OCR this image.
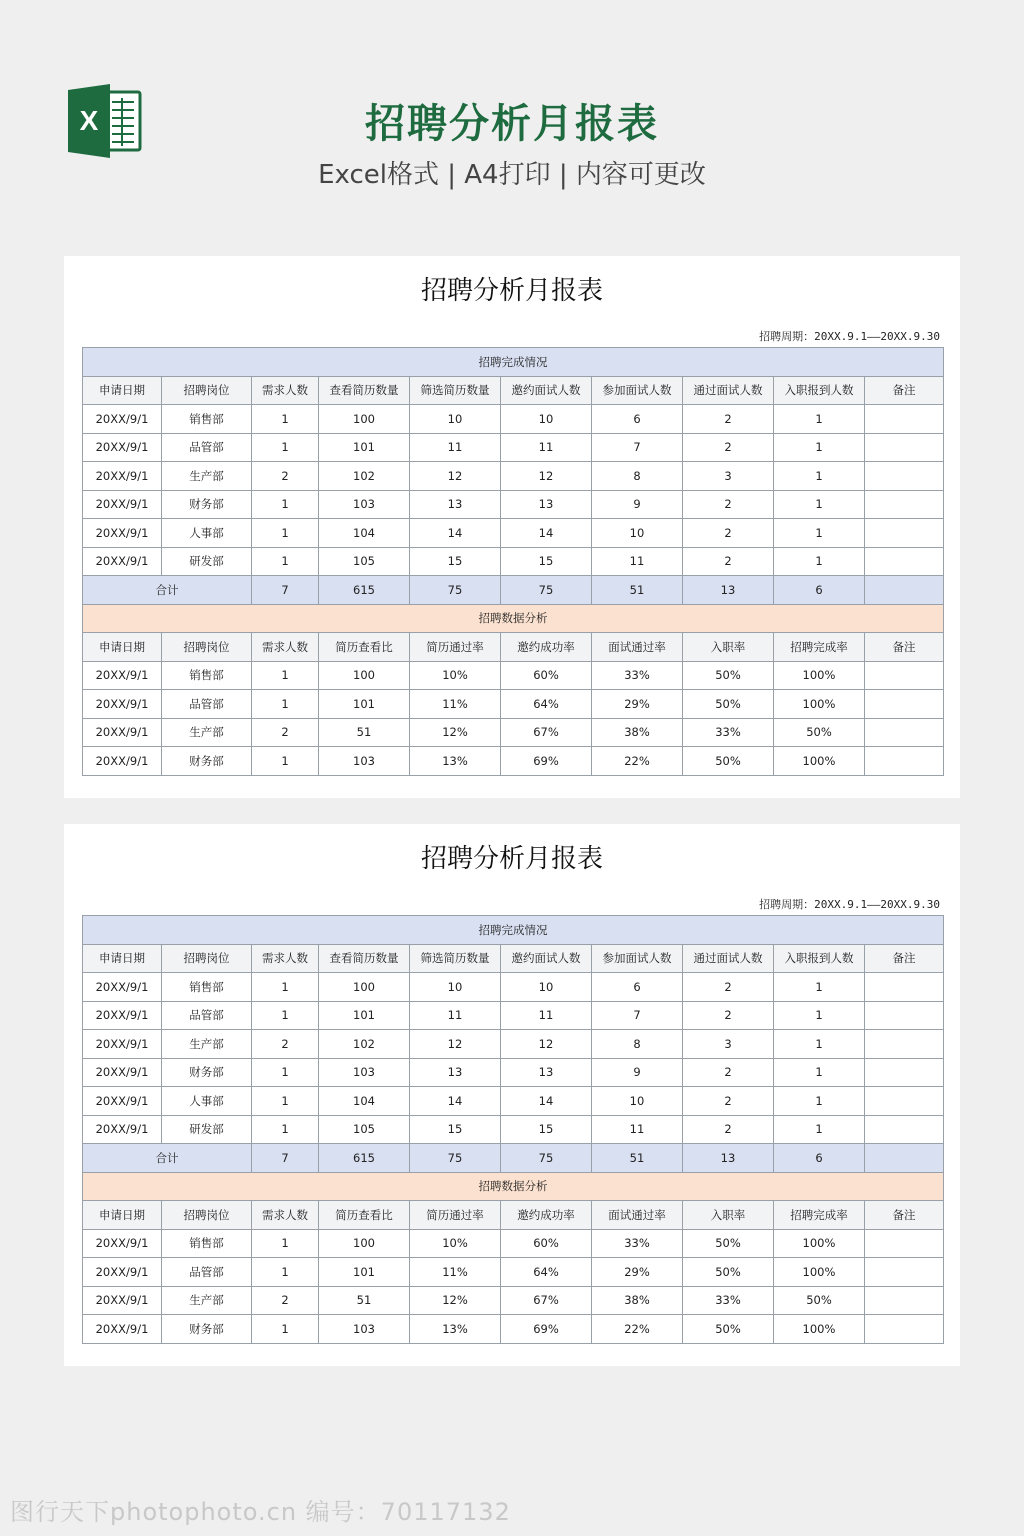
X	招聘分析月报表
Excel格式 | A4打印 | 内容可更改
招聘分析月报表
招聘周期：20XX.9.1——20XX.9.30
招聘完成情况									
申请日期	招聘岗位	需求人数	查看简历数量	筛选简历数量	邀约面试人数	参加面试人数	通过面试人数	入职报到人数	备注
20XX/9/1	销售部	1	100	10	10	6	2	1	
20XX/9/1	品管部	1	101	11	11	7	2	1	
20XX/9/1	生产部	2	102	12	12	8	3	1	
20XX/9/1	财务部	1	103	13	13	9	2	1	
20XX/9/1	人事部	1	104	14	14	10	2	1	
20XX/9/1	研发部	1	105	15	15	11	2	1	
合计		7	615	75	75	51	13	6	
招聘数据分析									
申请日期	招聘岗位	需求人数	简历查看比	简历通过率	邀约成功率	面试通过率	入职率	招聘完成率	备注
20XX/9/1	销售部	1	100	10%	60%	33%	50%	100%	
20XX/9/1	品管部	1	101	11%	64%	29%	50%	100%	
20XX/9/1	生产部	2	51	12%	67%	38%	33%	50%	
20XX/9/1	财务部	1	103	13%	69%	22%	50%	100%	
招聘分析月报表
招聘周期：20XX.9.1——20XX.9.30
招聘完成情况									
申请日期	招聘岗位	需求人数	查看简历数量	筛选简历数量	邀约面试人数	参加面试人数	通过面试人数	入职报到人数	备注
20XX/9/1	销售部	1	100	10	10	6	2	1	
20XX/9/1	品管部	1	101	11	11	7	2	1	
20XX/9/1	生产部	2	102	12	12	8	3	1	
20XX/9/1	财务部	1	103	13	13	9	2	1	
20XX/9/1	人事部	1	104	14	14	10	2	1	
20XX/9/1	研发部	1	105	15	15	11	2	1	
合计		7	615	75	75	51	13	6	
招聘数据分析									
申请日期	招聘岗位	需求人数	简历查看比	简历通过率	邀约成功率	面试通过率	入职率	招聘完成率	备注
20XX/9/1	销售部	1	100	10%	60%	33%	50%	100%	
20XX/9/1	品管部	1	101	11%	64%	29%	50%	100%	
20XX/9/1	生产部	2	51	12%	67%	38%	33%	50%	
20XX/9/1	财务部	1	103	13%	69%	22%	50%	100%	
图行天下photophoto.cn 编号：70117132
